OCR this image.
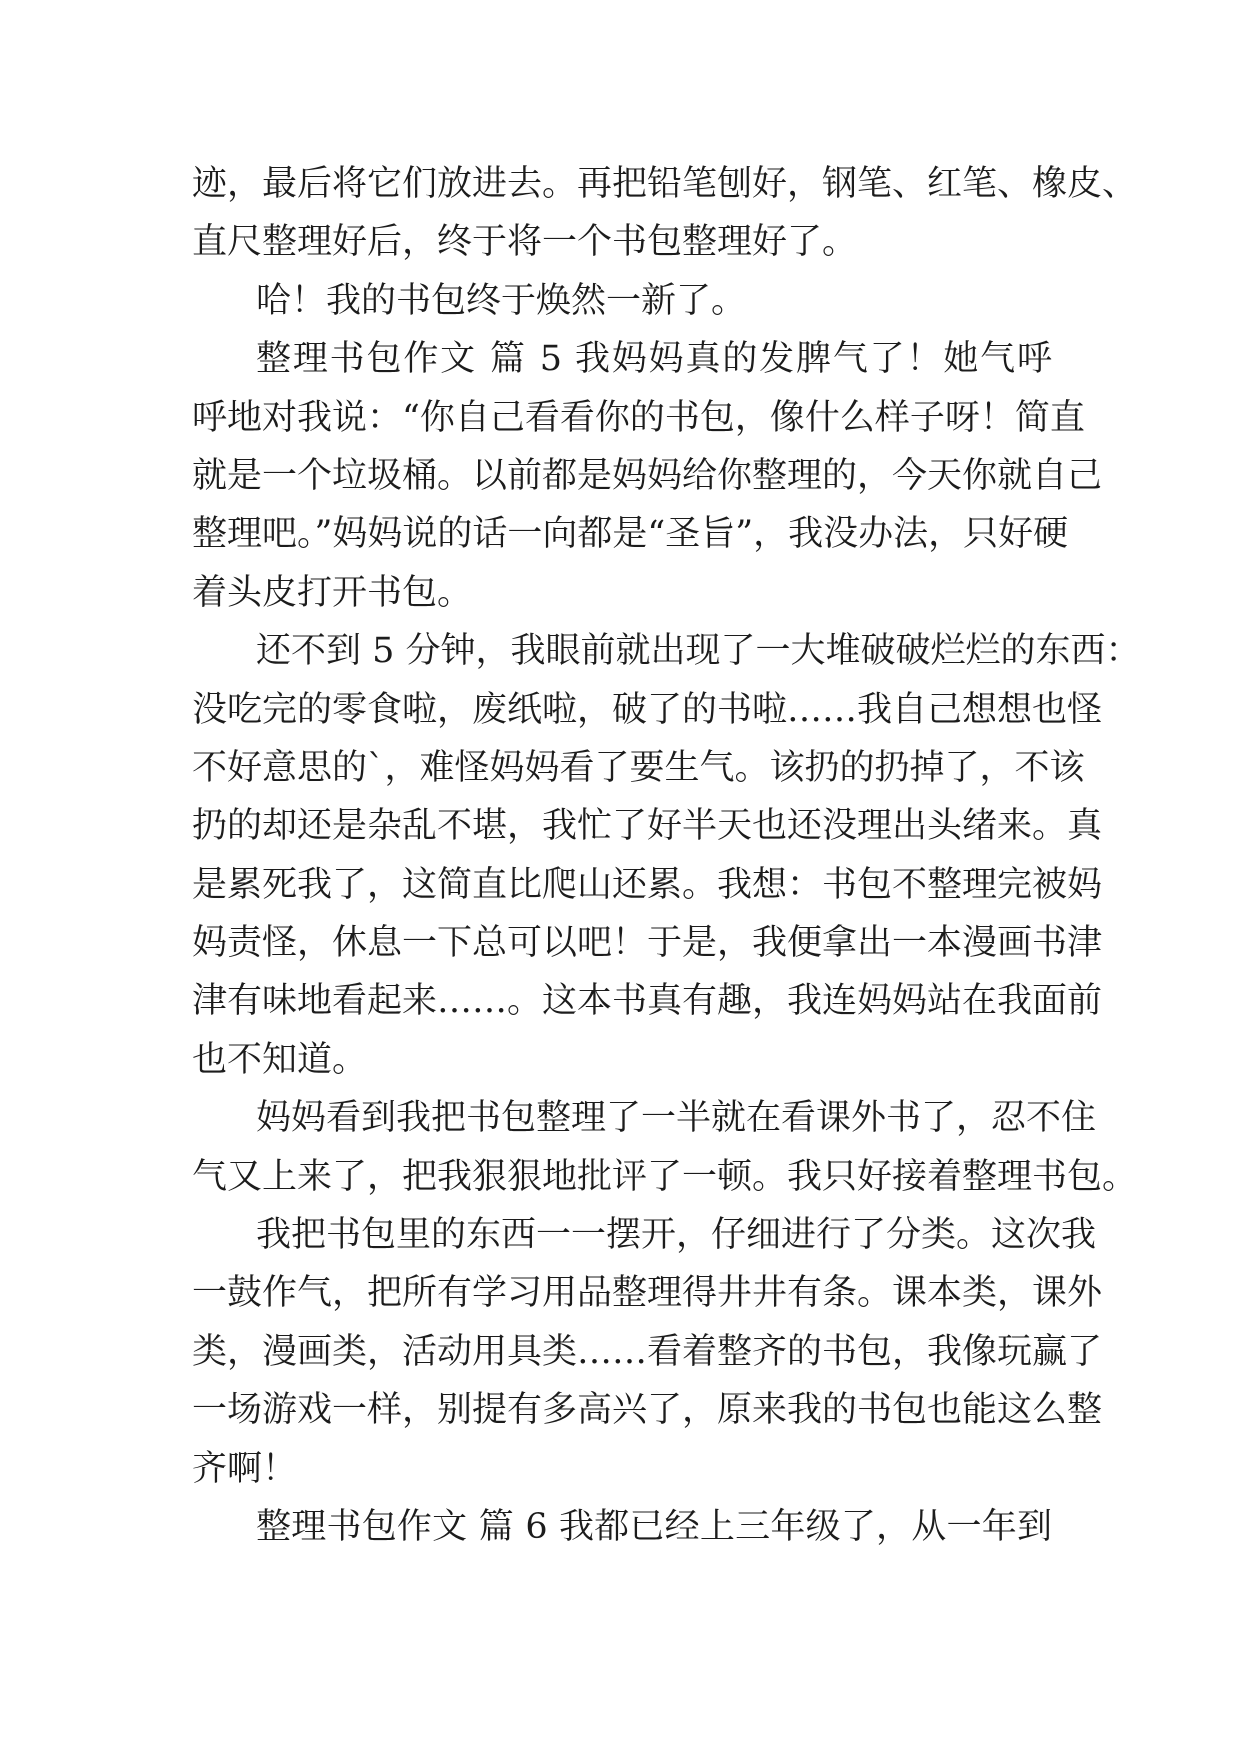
迹，最后将它们放进去。再把铅笔刨好，钢笔、红笔、橡皮、
直尺整理好后，终于将一个书包整理好了。
哈！我的书包终于焕然一新了。
整理书包作文 篇 5 我妈妈真的发脾气了！她气呼
呼地对我说：“你自己看看你的书包，像什么样子呀！简直
就是一个垃圾桶。以前都是妈妈给你整理的，今天你就自己
整理吧。”妈妈说的话一向都是“圣旨”，我没办法，只好硬
着头皮打开书包。
还不到 5 分钟，我眼前就出现了一大堆破破烂烂的东西：
没吃完的零食啦，废纸啦，破了的书啦……我自己想想也怪
不好意思的`，难怪妈妈看了要生气。该扔的扔掉了，不该
扔的却还是杂乱不堪，我忙了好半天也还没理出头绪来。真
是累死我了，这简直比爬山还累。我想：书包不整理完被妈
妈责怪，休息一下总可以吧！于是，我便拿出一本漫画书津
津有味地看起来……。这本书真有趣，我连妈妈站在我面前
也不知道。
妈妈看到我把书包整理了一半就在看课外书了，忍不住
气又上来了，把我狠狠地批评了一顿。我只好接着整理书包。
我把书包里的东西一一摆开，仔细进行了分类。这次我
一鼓作气，把所有学习用品整理得井井有条。课本类，课外
类，漫画类，活动用具类……看着整齐的书包，我像玩赢了
一场游戏一样，别提有多高兴了，原来我的书包也能这么整
齐啊！
整理书包作文 篇 6 我都已经上三年级了，从一年到
